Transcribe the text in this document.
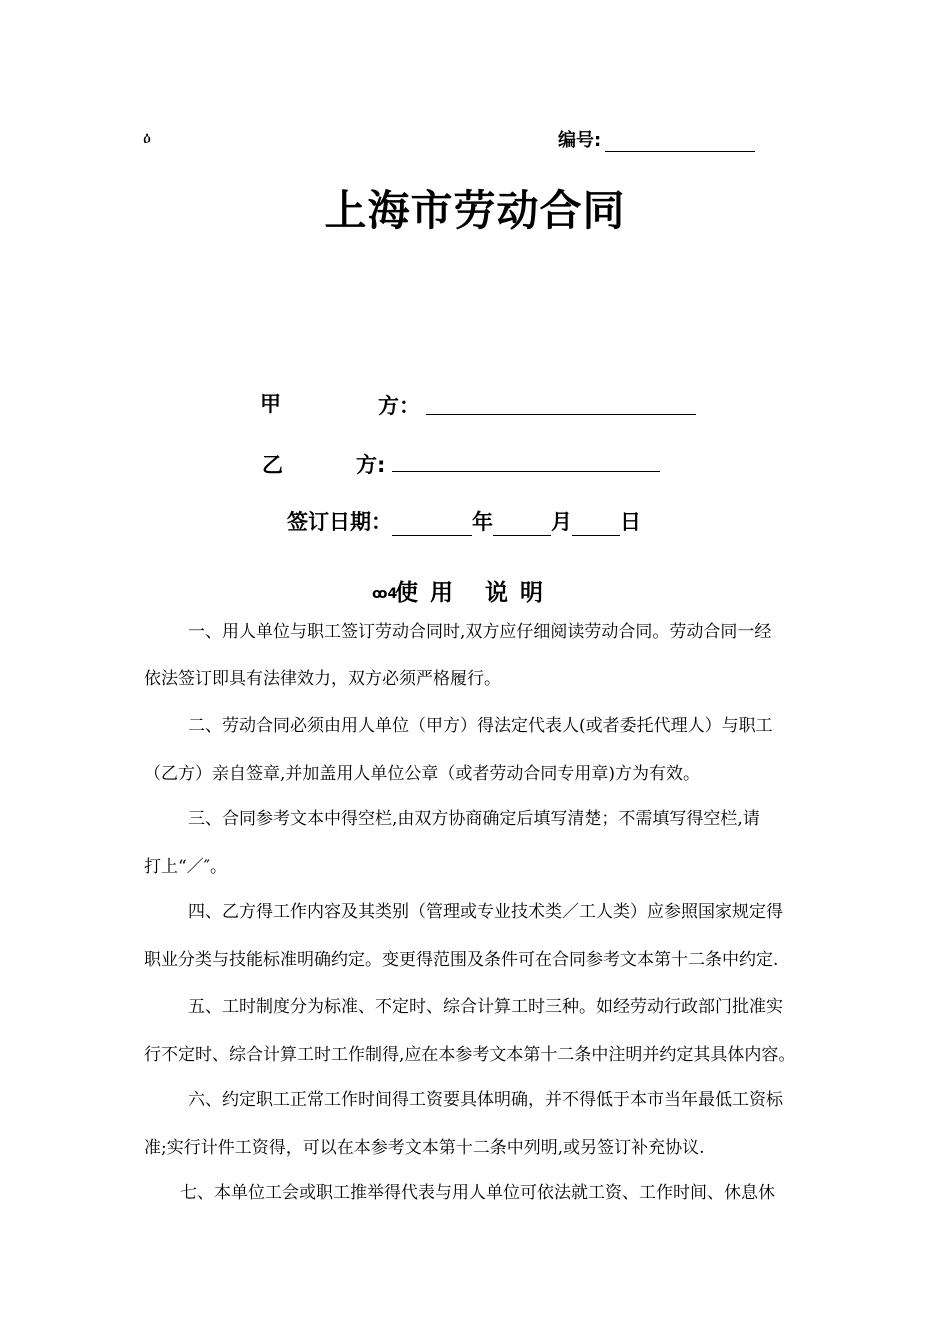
ዕ	编号:
上海市劳动合同
甲	方：
乙	方:
签订日期：	年	月 日
ꝏ4
使用 说明
一、用人单位与职工签订劳动合同时,双方应仔细阅读劳动合同。劳动合同一经
依法签订即具有法律效力，双方必须严格履行。
二、劳动合同必须由用人单位（甲方）得法定代表人(或者委托代理人）与职工
（乙方）亲自签章,并加盖用人单位公章（或者劳动合同专用章)方为有效。
三、合同参考文本中得空栏,由双方协商确定后填写清楚；不需填写得空栏,请
打上“／″。
四、乙方得工作内容及其类别（管理或专业技术类／工人类）应参照国家规定得
职业分类与技能标准明确约定。变更得范围及条件可在合同参考文本第十二条中约定.
五、工时制度分为标准、不定时、综合计算工时三种。如经劳动行政部门批准实
行不定时、综合计算工时工作制得,应在本参考文本第十二条中注明并约定其具体内容。
六、约定职工正常工作时间得工资要具体明确，并不得低于本市当年最低工资标
准;实行计件工资得，可以在本参考文本第十二条中列明,或另签订补充协议.
七、本单位工会或职工推举得代表与用人单位可依法就工资、工作时间、休息休
